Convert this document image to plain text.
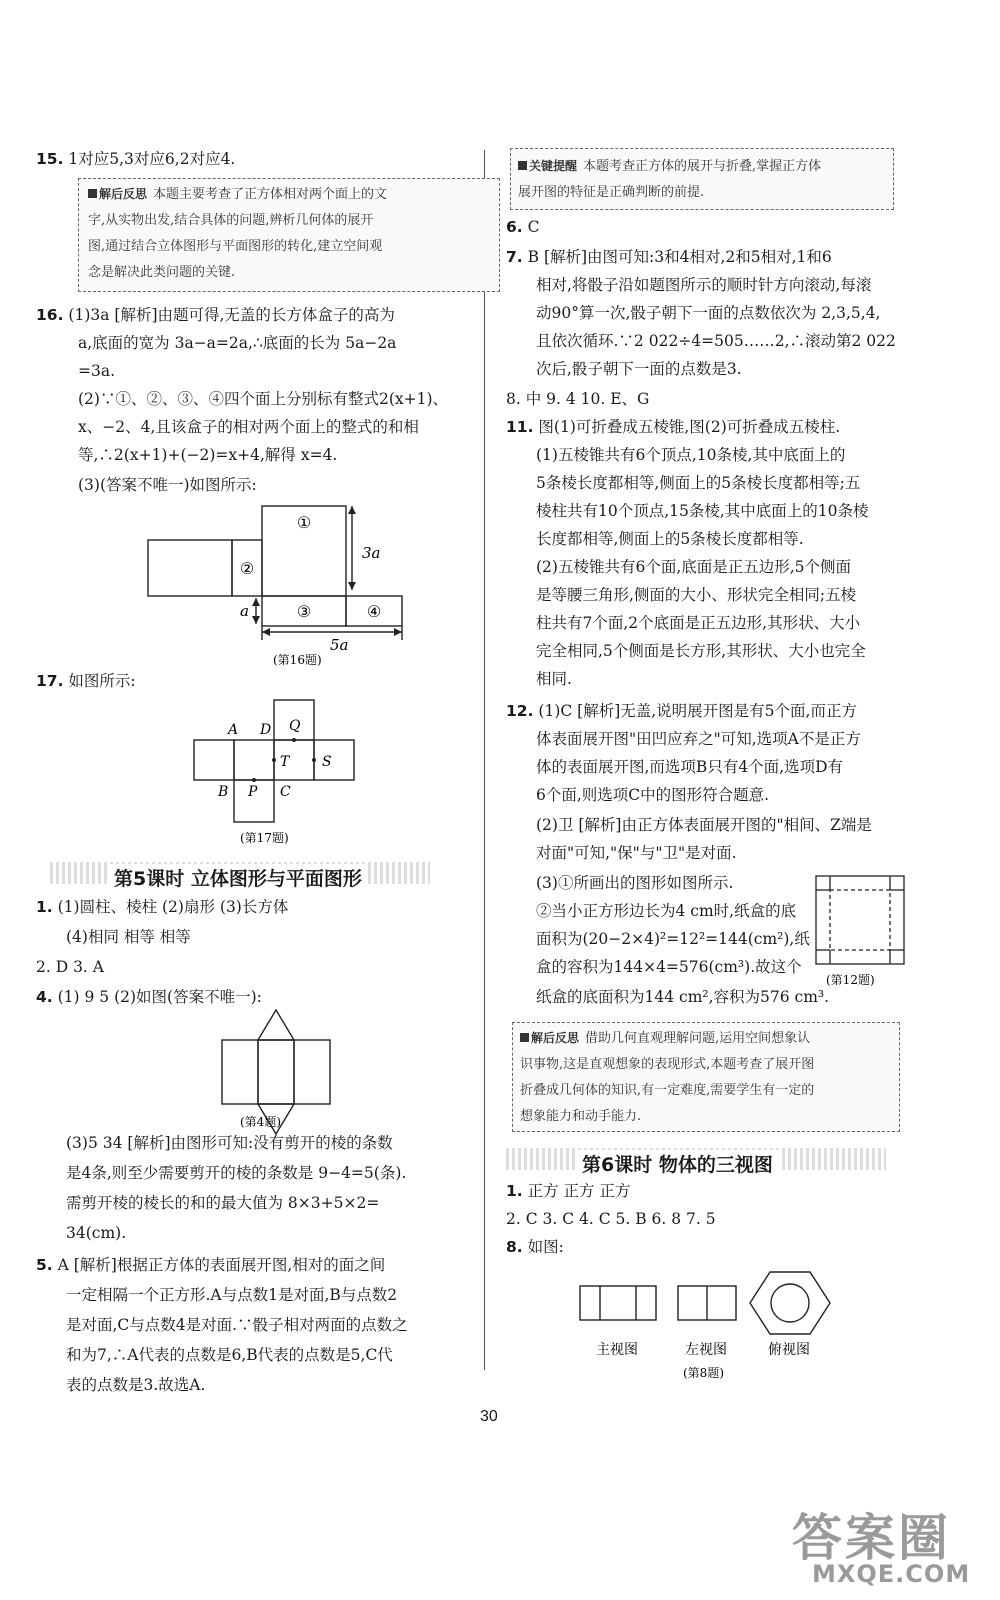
15. 1对应5,3对应6,2对应4.
解后反思 本题主要考查了正方体相对两个面上的文
字,从实物出发,结合具体的问题,辨析几何体的展开
图,通过结合立体图形与平面图形的转化,建立空间观
念是解决此类问题的关键.
16. (1)3a [解析]由题可得,无盖的长方体盒子的高为
a,底面的宽为 3a−a=2a,∴底面的长为 5a−2a
=3a.
(2)∵①、②、③、④四个面上分别标有整式2(x+1)、
x、−2、4,且该盒子的相对两个面上的整式的和相
等,∴2(x+1)+(−2)=x+4,解得 x=4.
(3)(答案不唯一)如图所示:
①
②
③	④
3a
a
5a
(第16题)
A D Q
T S
B P C
(第17题)
(第4题)
(第12题)
主视图	左视图	俯视图
(第8题)
17. 如图所示:
第5课时 立体图形与平面图形
1. (1)圆柱、棱柱 (2)扇形 (3)长方体
(4)相同 相等 相等
2. D 3. A
4. (1) 9 5 (2)如图(答案不唯一):
(3)5 34 [解析]由图形可知:没有剪开的棱的条数
是4条,则至少需要剪开的棱的条数是 9−4=5(条).
需剪开棱的棱长的和的最大值为 8×3+5×2=
34(cm).
5. A [解析]根据正方体的表面展开图,相对的面之间
一定相隔一个正方形.A与点数1是对面,B与点数2
是对面,C与点数4是对面.∵骰子相对两面的点数之
和为7,∴A代表的点数是6,B代表的点数是5,C代
表的点数是3.故选A.
关键提醒 本题考查正方体的展开与折叠,掌握正方体
展开图的特征是正确判断的前提.
6. C
7. B [解析]由图可知:3和4相对,2和5相对,1和6
相对,将骰子沿如题图所示的顺时针方向滚动,每滚
动90°算一次,骰子朝下一面的点数依次为 2,3,5,4,
且依次循环.∵2 022÷4=505……2,∴滚动第2 022
次后,骰子朝下一面的点数是3.
8. 中 9. 4 10. E、G
11. 图(1)可折叠成五棱锥,图(2)可折叠成五棱柱.
(1)五棱锥共有6个顶点,10条棱,其中底面上的
5条棱长度都相等,侧面上的5条棱长度都相等;五
棱柱共有10个顶点,15条棱,其中底面上的10条棱
长度都相等,侧面上的5条棱长度都相等.
(2)五棱锥共有6个面,底面是正五边形,5个侧面
是等腰三角形,侧面的大小、形状完全相同;五棱
柱共有7个面,2个底面是正五边形,其形状、大小
完全相同,5个侧面是长方形,其形状、大小也完全
相同.
12. (1)C [解析]无盖,说明展开图是有5个面,而正方
体表面展开图"田凹应弃之"可知,选项A不是正方
体的表面展开图,而选项B只有4个面,选项D有
6个面,则选项C中的图形符合题意.
(2)卫 [解析]由正方体表面展开图的"相间、Z端是
对面"可知,"保"与"卫"是对面.
(3)①所画出的图形如图所示.
②当小正方形边长为4 cm时,纸盒的底
面积为(20−2×4)²=12²=144(cm²),纸
盒的容积为144×4=576(cm³).故这个
纸盒的底面积为144 cm²,容积为576 cm³.
解后反思 借助几何直观理解问题,运用空间想象认
识事物,这是直观想象的表现形式,本题考查了展开图
折叠成几何体的知识,有一定难度,需要学生有一定的
想象能力和动手能力.
第6课时 物体的三视图
1. 正方 正方 正方
2. C 3. C 4. C 5. B 6. 8 7. 5
8. 如图:
30
答案圈
MXQE.COM
